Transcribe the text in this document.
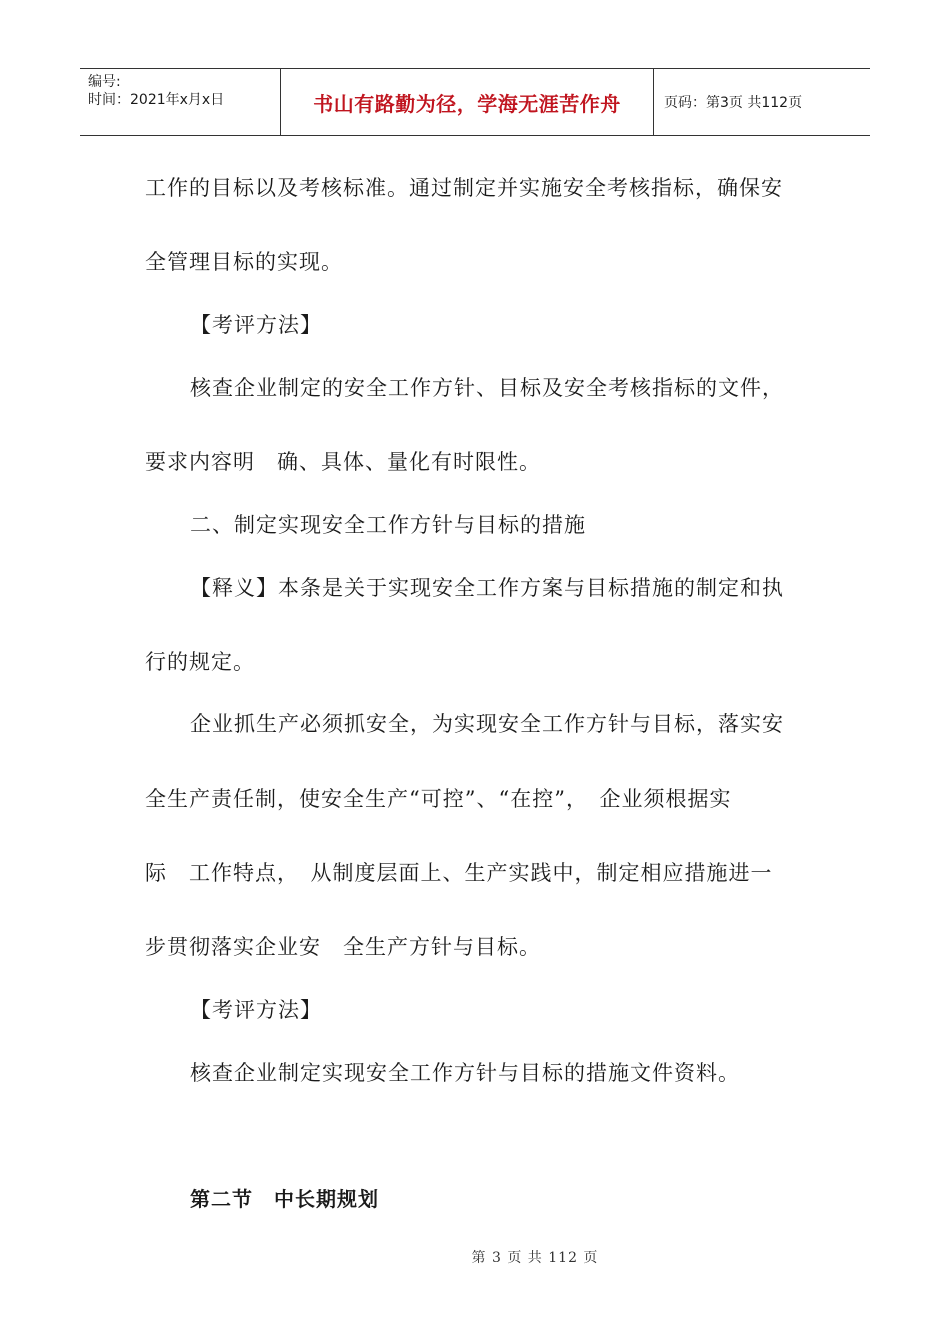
编号:
时间：2021年x月x日	书山有路勤为径，学海无涯苦作舟	页码：第3页 共112页
工作的目标以及考核标准。通过制定并实施安全考核指标，确保安
全管理目标的实现。
【考评方法】
核查企业制定的安全工作方针、目标及安全考核指标的文件，
要求内容明　确、具体、量化有时限性。
二、制定实现安全工作方针与目标的措施
【释义】本条是关于实现安全工作方案与目标措施的制定和执
行的规定。
企业抓生产必须抓安全，为实现安全工作方针与目标，落实安
全生产责任制，使安全生产“可控”、“在控”，　企业须根据实
际　工作特点，　从制度层面上、生产实践中，制定相应措施进一
步贯彻落实企业安　全生产方针与目标。
【考评方法】
核查企业制定实现安全工作方针与目标的措施文件资料。
第二节　中长期规划
第 3 页 共 112 页
